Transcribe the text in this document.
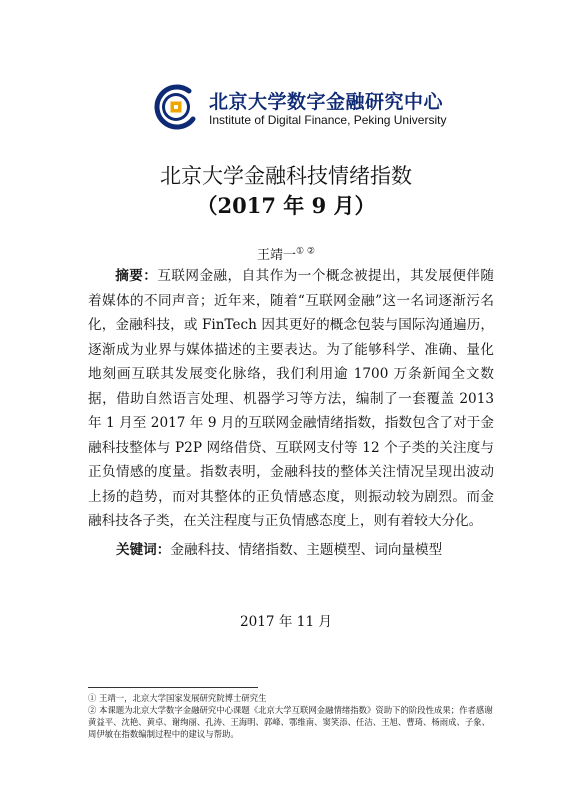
北京大学数字金融研究中心
Institute of Digital Finance, Peking University
北京大学金融科技情绪指数
（2017 年 9 月）
王靖一① ②

摘要：互联网金融，自其作为一个概念被提出，其发展便伴随着媒体的不同声音；近年来，随着“互联网金融”这一名词逐渐污名化，金融科技，或 FinTech 因其更好的概念包装与国际沟通遍历，逐渐成为业界与媒体描述的主要表达。为了能够科学、准确、量化地刻画互联其发展变化脉络，我们利用逾 1700 万条新闻全文数据，借助自然语言处理、机器学习等方法，编制了一套覆盖 2013 年 1 月至 2017 年 9 月的互联网金融情绪指数，指数包含了对于金融科技整体与 P2P 网络借贷、互联网支付等 12 个子类的关注度与正负情感的度量。指数表明，金融科技的整体关注情况呈现出波动上扬的趋势，而对其整体的正负情感态度，则振动较为剧烈。而金融科技各子类，在关注程度与正负情感态度上，则有着较大分化。

关键词：金融科技、情绪指数、主题模型、词向量模型
2017 年 11 月

① 王靖一，北京大学国家发展研究院博士研究生

② 本课题为北京大学数字金融研究中心课题《北京大学互联网金融情绪指数》资助下的阶段性成果；作者感谢黄益平、沈艳、黄卓、谢绚丽、孔涛、王海明、郭峰、鄂维南、窦笑添、任洁、王旭、曹琦、杨雨成、子象、周伊敏在指数编制过程中的建议与帮助。
